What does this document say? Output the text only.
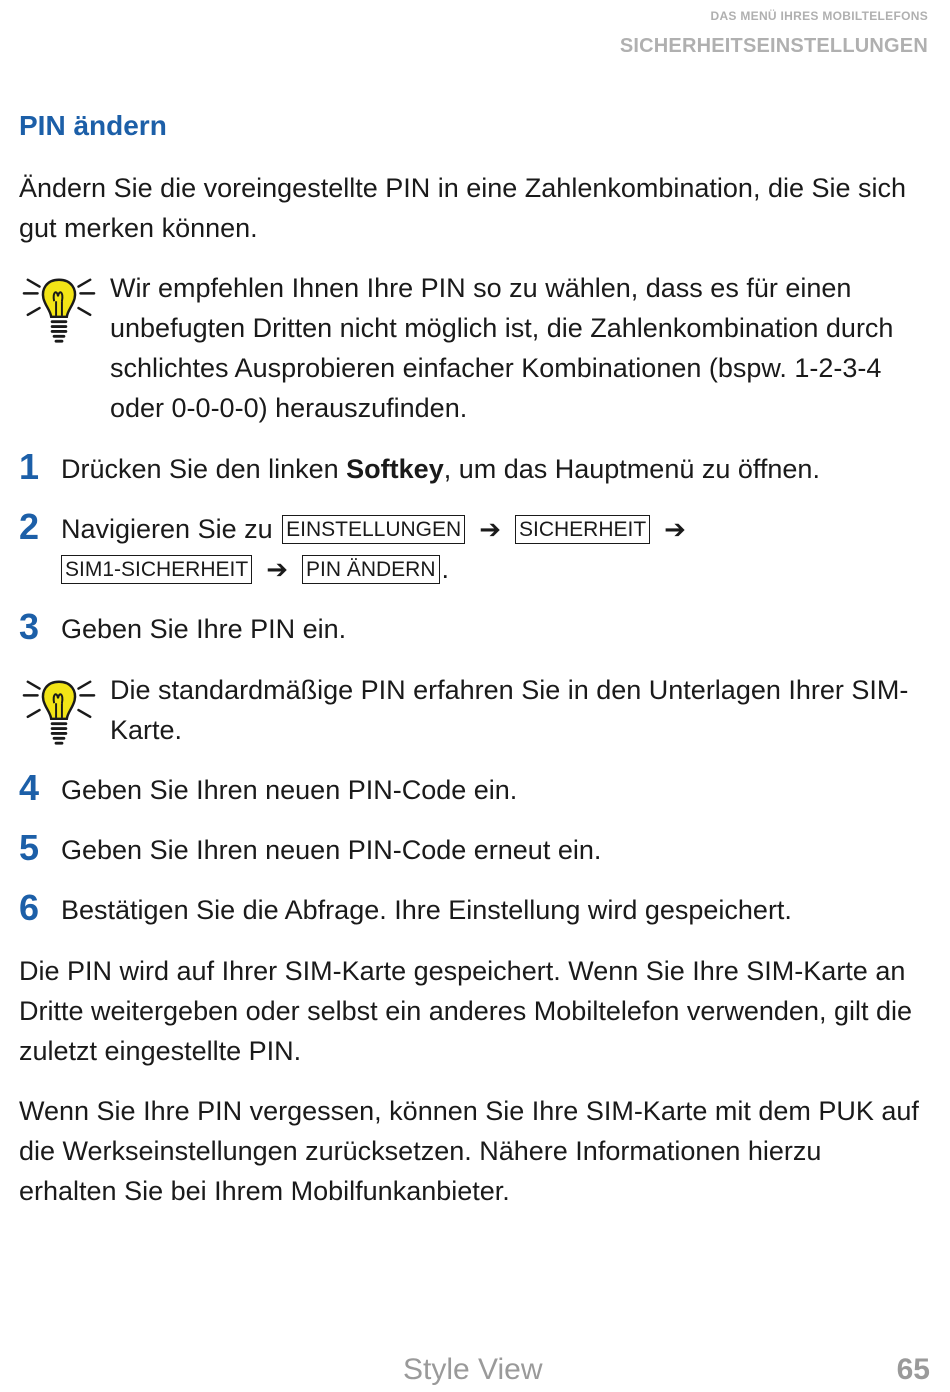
DAS MENÜ IHRES MOBILTELEFONS
SICHERHEITSEINSTELLUNGEN
PIN ändern

Ändern Sie die voreingestellte PIN in eine Zahlenkombination, die Sie sich gut merken können.

Wir empfehlen Ihnen Ihre PIN so zu wählen, dass es für einen unbefugten Dritten nicht möglich ist, die Zahlenkombination durch schlichtes Ausprobieren einfacher Kombinationen (bspw. 1-2-3-4 oder 0-0-0-0) herauszufinden.
1 Drücken Sie den linken Softkey, um das Hauptmenü zu öffnen.
2 Navigieren Sie zu EINSTELLUNGEN ➔ SICHERHEIT ➔
SIM1-SICHERHEIT ➔ PIN ÄNDERN .
3 Geben Sie Ihre PIN ein.
Die standardmäßige PIN erfahren Sie in den Unterlagen Ihrer SIM-Karte.
4 Geben Sie Ihren neuen PIN-Code ein.
5 Geben Sie Ihren neuen PIN-Code erneut ein.
6 Bestätigen Sie die Abfrage. Ihre Einstellung wird gespeichert.

Die PIN wird auf Ihrer SIM-Karte gespeichert. Wenn Sie Ihre SIM-Karte an Dritte weitergeben oder selbst ein anderes Mobiltelefon verwenden, gilt die zuletzt eingestellte PIN.

Wenn Sie Ihre PIN vergessen, können Sie Ihre SIM-Karte mit dem PUK auf die Werkseinstellungen zurücksetzen. Nähere Informationen hierzu erhalten Sie bei Ihrem Mobilfunkanbieter.

Style View	65
